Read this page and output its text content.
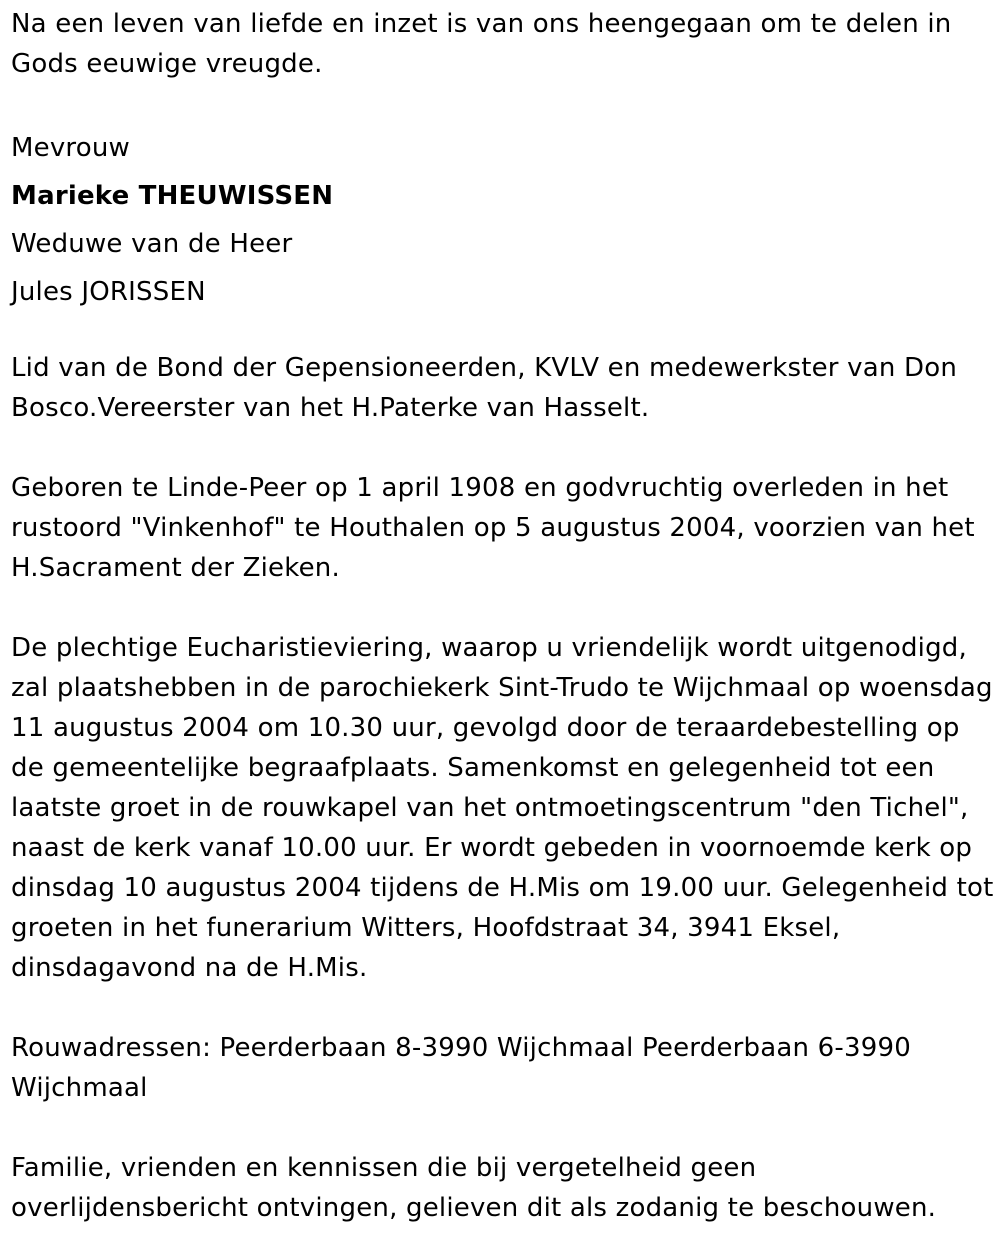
Na een leven van liefde en inzet is van ons heengegaan om te delen in Gods eeuwige vreugde.

Mevrouw

Marieke THEUWISSEN

Weduwe van de Heer

Jules JORISSEN

Lid van de Bond der Gepensioneerden, KVLV en medewerkster van Don Bosco.Vereerster van het H.Paterke van Hasselt.

Geboren te Linde-Peer op 1 april 1908 en godvruchtig overleden in het rustoord "Vinkenhof" te Houthalen op 5 augustus 2004, voorzien van het H.Sacrament der Zieken.

De plechtige Eucharistieviering, waarop u vriendelijk wordt uitgenodigd, zal plaatshebben in de parochiekerk Sint-Trudo te Wijchmaal op woensdag 11 augustus 2004 om 10.30 uur, gevolgd door de teraardebestelling op de gemeentelijke begraafplaats. Samenkomst en gelegenheid tot een laatste groet in de rouwkapel van het ontmoetingscentrum "den Tichel", naast de kerk vanaf 10.00 uur. Er wordt gebeden in voornoemde kerk op dinsdag 10 augustus 2004 tijdens de H.Mis om 19.00 uur. Gelegenheid tot groeten in het funerarium Witters, Hoofdstraat 34, 3941 Eksel, dinsdagavond na de H.Mis.

Rouwadressen: Peerderbaan 8-3990 Wijchmaal Peerderbaan 6-3990 Wijchmaal

Familie, vrienden en kennissen die bij vergetelheid geen overlijdensbericht ontvingen, gelieven dit als zodanig te beschouwen.
